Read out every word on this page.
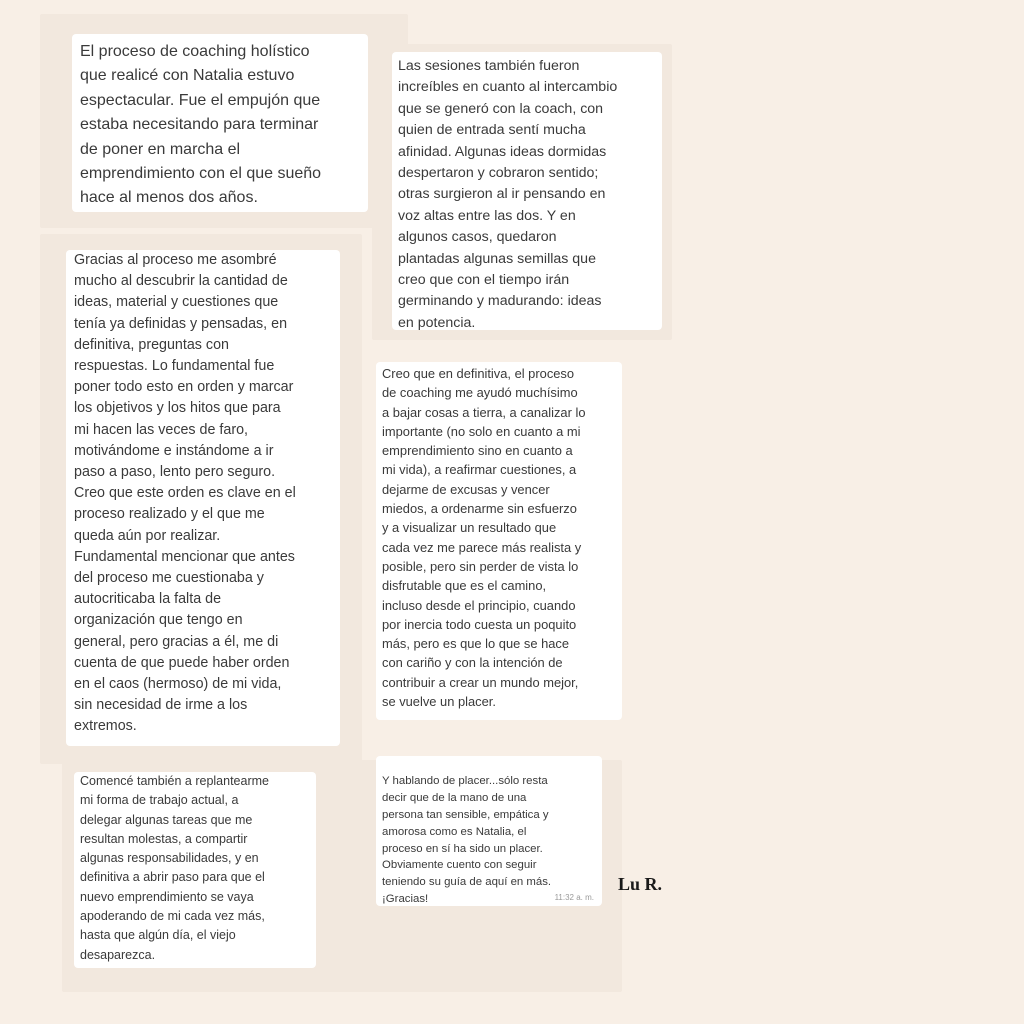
El proceso de coaching holístico
que realicé con Natalia estuvo
espectacular. Fue el empujón que
estaba necesitando para terminar
de poner en marcha el
emprendimiento con el que sueño
hace al menos dos años.
Las sesiones también fueron
increíbles en cuanto al intercambio
que se generó con la coach, con
quien de entrada sentí mucha
afinidad. Algunas ideas dormidas
despertaron y cobraron sentido;
otras surgieron al ir pensando en
voz altas entre las dos. Y en
algunos casos, quedaron
plantadas algunas semillas que
creo que con el tiempo irán
germinando y madurando: ideas
en potencia.
Gracias al proceso me asombré
mucho al descubrir la cantidad de
ideas, material y cuestiones que
tenía ya definidas y pensadas, en
definitiva, preguntas con
respuestas. Lo fundamental fue
poner todo esto en orden y marcar
los objetivos y los hitos que para
mi hacen las veces de faro,
motivándome e instándome a ir
paso a paso, lento pero seguro.
Creo que este orden es clave en el
proceso realizado y el que me
queda aún por realizar.
Fundamental mencionar que antes
del proceso me cuestionaba y
autocriticaba la falta de
organización que tengo en
general, pero gracias a él, me di
cuenta de que puede haber orden
en el caos (hermoso) de mi vida,
sin necesidad de irme a los
extremos.
Creo que en definitiva, el proceso
de coaching me ayudó muchísimo
a bajar cosas a tierra, a canalizar lo
importante (no solo en cuanto a mi
emprendimiento sino en cuanto a
mi vida), a reafirmar cuestiones, a
dejarme de excusas y vencer
miedos, a ordenarme sin esfuerzo
y a visualizar un resultado que
cada vez me parece más realista y
posible, pero sin perder de vista lo
disfrutable que es el camino,
incluso desde el principio, cuando
por inercia todo cuesta un poquito
más, pero es que lo que se hace
con cariño y con la intención de
contribuir a crear un mundo mejor,
se vuelve un placer.
Comencé también a replantearme
mi forma de trabajo actual, a
delegar algunas tareas que me
resultan molestas, a compartir
algunas responsabilidades, y en
definitiva a abrir paso para que el
nuevo emprendimiento se vaya
apoderando de mi cada vez más,
hasta que algún día, el viejo
desaparezca.

Y hablando de placer...sólo resta
decir que de la mano de una
persona tan sensible, empática y
amorosa como es Natalia, el
proceso en sí ha sido un placer.
Obviamente cuento con seguir
teniendo su guía de aquí en más.
¡Gracias!	11:32 a. m.

Lu R.
